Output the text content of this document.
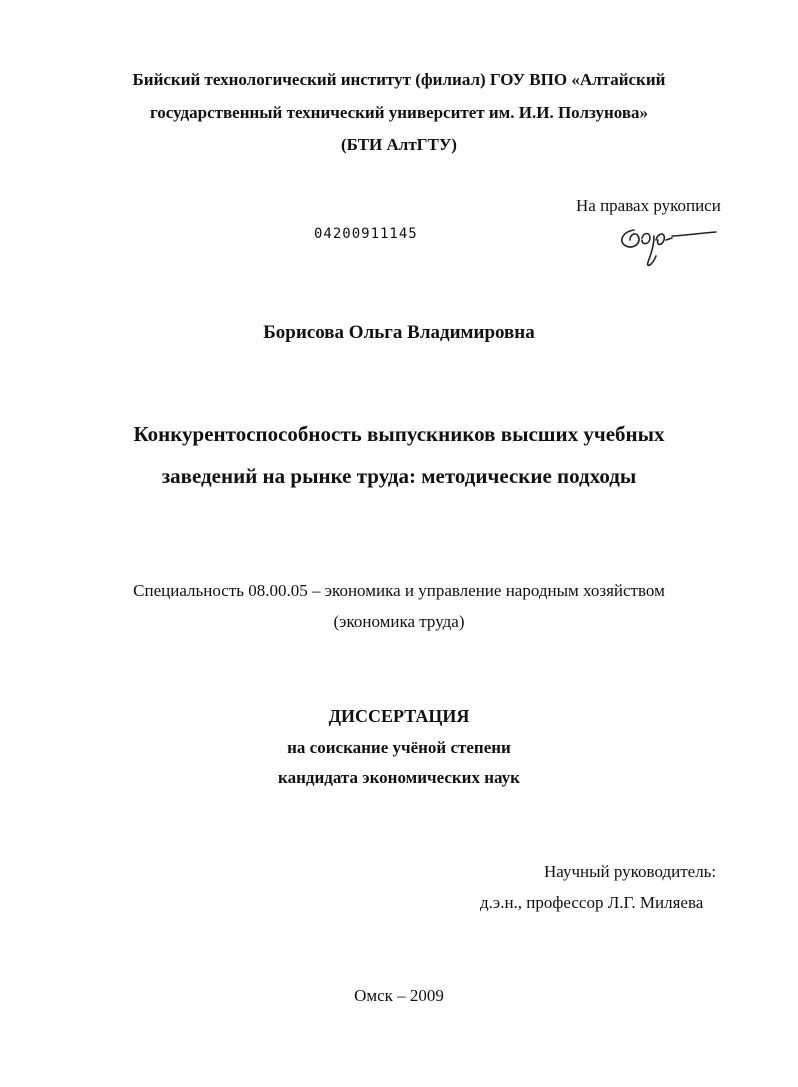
Бийский технологический институт (филиал) ГОУ ВПО «Алтайский
государственный технический университет им. И.И. Ползунова»
(БТИ АлтГТУ)
На правах рукописи
04200911145
Борисова Ольга Владимировна
Конкурентоспособность выпускников высших учебных
заведений на рынке труда: методические подходы
Специальность 08.00.05 – экономика и управление народным хозяйством
(экономика труда)
ДИССЕРТАЦИЯ
на соискание учёной степени
кандидата экономических наук
Научный руководитель:
д.э.н., профессор Л.Г. Миляева
Омск – 2009
